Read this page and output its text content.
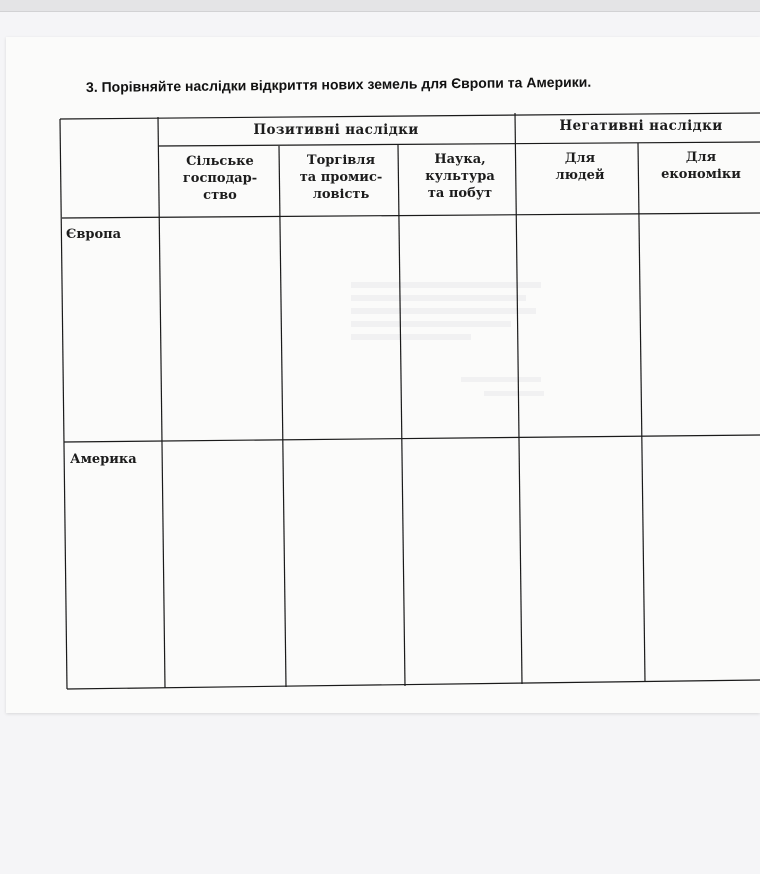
3. Порівняйте наслідки відкриття нових земель для Європи та Америки.
Позитивні наслідки	Негативні наслідки
Сільське
господар-
ство
Торгівля
та промис-
ловість
Наука,
культура
та побут
Для
людей
Для
економіки
Європа
Америка
